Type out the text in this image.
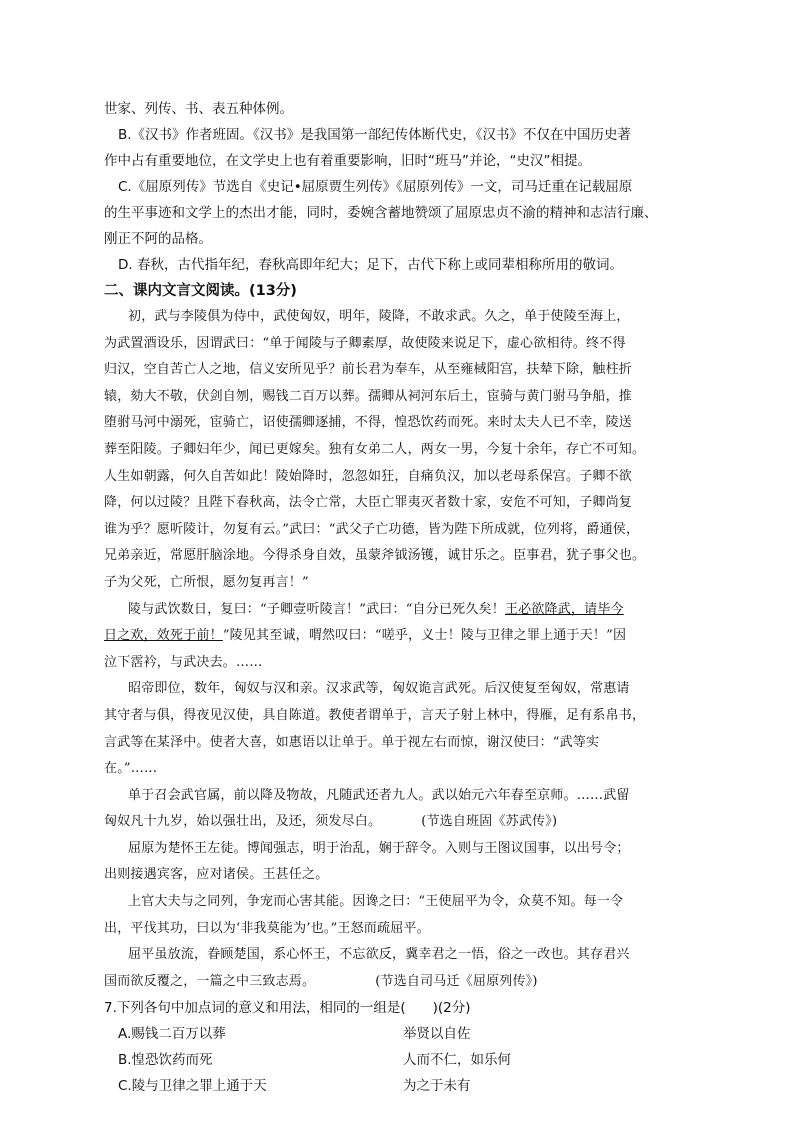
世家、列传、书、表五种体例。

B.《汉书》作者班固。《汉书》是我国第一部纪传体断代史，《汉书》不仅在中国历史著

作中占有重要地位，在文学史上也有着重要影响，旧时“班马”并论，“史汉”相提。

C.《屈原列传》节选自《史记•屈原贾生列传》《屈原列传》一文，司马迁重在记载屈原

的生平事迹和文学上的杰出才能，同时，委婉含蓄地赞颂了屈原忠贞不渝的精神和志洁行廉、

刚正不阿的品格。

D. 春秋，古代指年纪，春秋高即年纪大；足下，古代下称上或同辈相称所用的敬词。

二、课内文言文阅读。(13分)

初，武与李陵俱为侍中，武使匈奴，明年，陵降，不敢求武。久之，单于使陵至海上，

为武置酒设乐，因谓武曰：“单于闻陵与子卿素厚，故使陵来说足下，虚心欲相待。终不得

归汉，空自苦亡人之地，信义安所见乎？前长君为奉车，从至雍棫阳宫，扶辇下除，触柱折

辕，劾大不敬，伏剑自刎，赐钱二百万以葬。孺卿从祠河东后土，宦骑与黄门驸马争船，推

堕驸马河中溺死，宦骑亡，诏使孺卿逐捕，不得，惶恐饮药而死。来时太夫人已不幸，陵送

葬至阳陵。子卿妇年少，闻已更嫁矣。独有女弟二人，两女一男，今复十余年，存亡不可知。

人生如朝露，何久自苦如此！陵始降时，忽忽如狂，自痛负汉，加以老母系保宫。子卿不欲

降，何以过陵？且陛下春秋高，法令亡常，大臣亡罪夷灭者数十家，安危不可知，子卿尚复

谁为乎？愿听陵计，勿复有云。”武曰：“武父子亡功德，皆为陛下所成就，位列将，爵通侯，

兄弟亲近，常愿肝脑涂地。今得杀身自效，虽蒙斧钺汤镬，诚甘乐之。臣事君，犹子事父也。

子为父死，亡所恨，愿勿复再言！”

陵与武饮数日，复曰：“子卿壹听陵言！”武曰：“自分已死久矣！王必欲降武，请毕今

日之欢，效死于前！”陵见其至诚，喟然叹曰：“嗟乎，义士！陵与卫律之罪上通于天！”因

泣下霑衿，与武决去。……

昭帝即位，数年，匈奴与汉和亲。汉求武等，匈奴诡言武死。后汉使复至匈奴，常惠请

其守者与俱，得夜见汉使，具自陈道。教使者谓单于，言天子射上林中，得雁，足有系帛书，

言武等在某泽中。使者大喜，如惠语以让单于。单于视左右而惊，谢汉使曰：“武等实

在。”……

单于召会武官属，前以降及物故，凡随武还者九人。武以始元六年春至京师。……武留

匈奴凡十九岁，始以强壮出，及还，须发尽白。	(节选自班固《苏武传》)

屈原为楚怀王左徒。博闻强志，明于治乱，娴于辞令。入则与王图议国事，以出号令；

出则接遇宾客，应对诸侯。王甚任之。

上官大夫与之同列，争宠而心害其能。因谗之曰：“王使屈平为令，众莫不知。每一令

出，平伐其功，曰以为‘非我莫能为’也。”王怒而疏屈平。

屈平虽放流，眷顾楚国，系心怀王，不忘欲反，冀幸君之一悟，俗之一改也。其存君兴

国而欲反覆之，一篇之中三致志焉。	(节选自司马迁《屈原列传》)

7.下列各句中加点词的意义和用法，相同的一组是(　　)(2分)

A.赐钱二百万以葬	举贤以自佐
B.惶恐饮药而死	人而不仁，如乐何
C.陵与卫律之罪上通于天	为之于未有
